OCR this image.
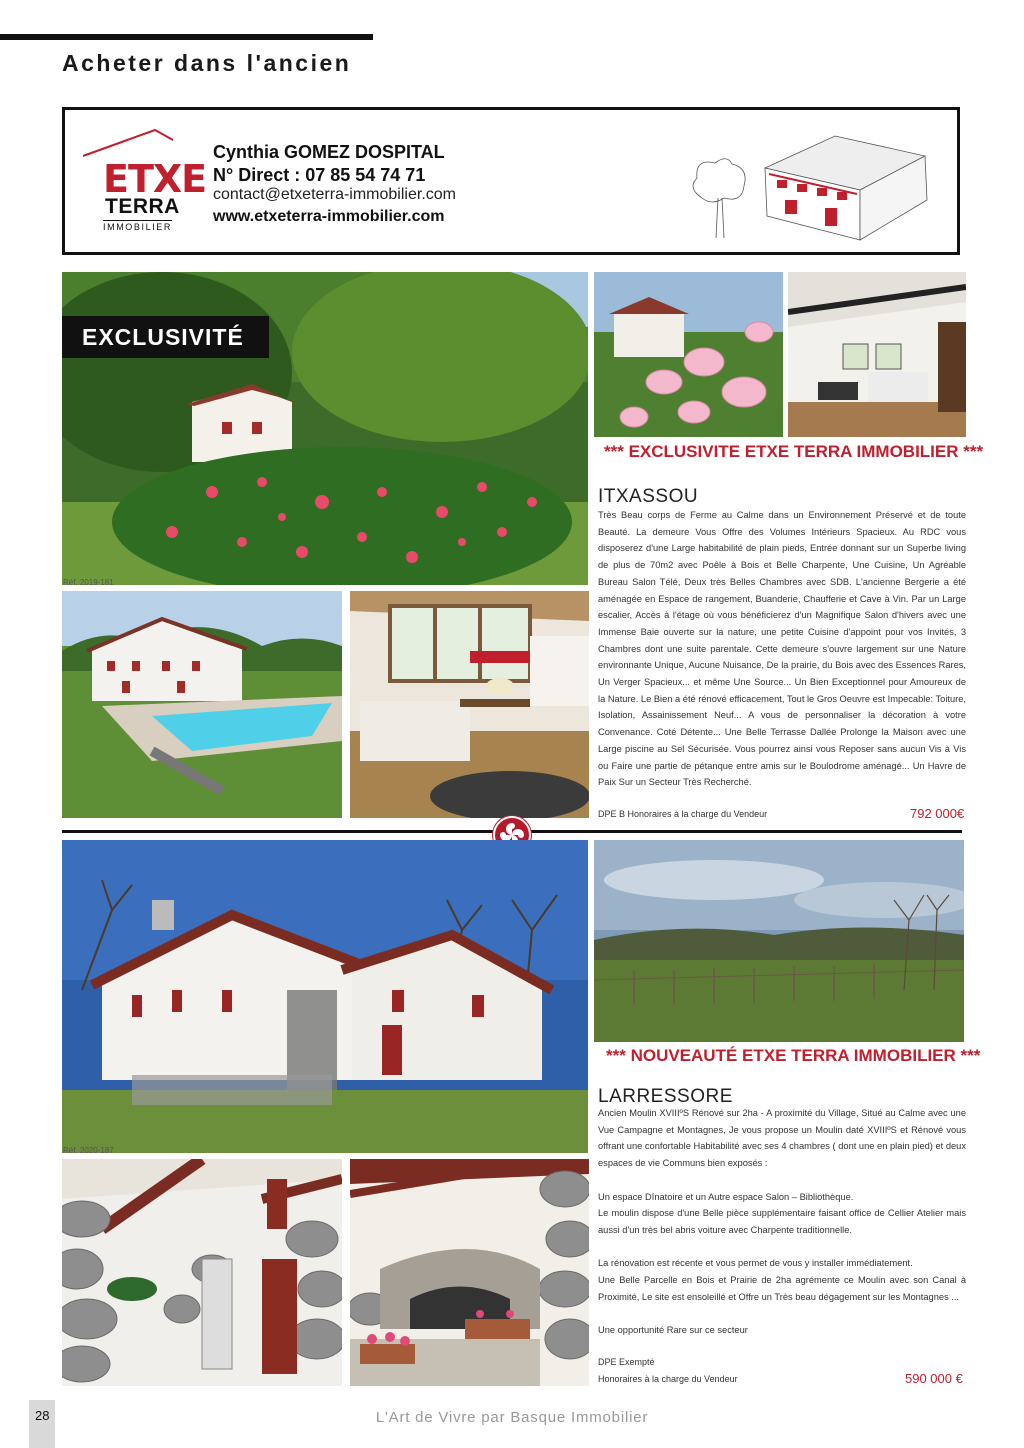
Acheter dans l'ancien
ETXE
TERRA
IMMOBILIER
Cynthia GOMEZ DOSPITAL
N° Direct : 07 85 54 74 71
contact@etxeterra-immobilier.com
www.etxeterra-immobilier.com
EXCLUSIVITÉ
Réf. 2019-181
*** EXCLUSIVITE ETXE TERRA IMMOBILIER ***
ITXASSOU
Très Beau corps de Ferme au Calme dans un Environnement Préservé et de toute Beauté. La demeure Vous Offre des Volumes Intérieurs Spacieux. Au RDC vous disposerez d'une Large habitabilité de plain pieds, Entrée donnant sur un Superbe living de plus de 70m2 avec Poêle à Bois et Belle Charpente, Une Cuisine, Un Agréable Bureau Salon Télé, Deux très Belles Chambres avec SDB. L'ancienne Bergerie a été aménagée en Espace de rangement, Buanderie, Chaufferie et Cave à Vin. Par un Large escalier, Accès à l'étage où vous bénéficierez d'un Magnifique Salon d'hivers avec une Immense Baie ouverte sur la nature, une petite Cuisine d'appoint pour vos Invités, 3 Chambres dont une suite parentale. Cette demeure s'ouvre largement sur une Nature environnante Unique, Aucune Nuisance, De la prairie, du Bois avec des Essences Rares, Un Verger Spacieux... et même Une Source... Un Bien Exceptionnel pour Amoureux de la Nature. Le Bien a été rénové efficacement, Tout le Gros Oeuvre est Impecable: Toiture, Isolation, Assainissement Neuf... A vous de personnaliser la décoration à votre Convenance. Coté Détente... Une Belle Terrasse Dallée Prolonge la Maison avec une Large piscine au Sel Sécurisée. Vous pourrez ainsi vous Reposer sans aucun Vis à Vis ou Faire une partie de pétanque entre amis sur le Boulodrome aménagé... Un Havre de Paix Sur un Secteur Très Recherché.
DPE B Honoraires à la charge du Vendeur	792 000€
Réf. 2020-187
*** NOUVEAUTÉ ETXE TERRA IMMOBILIER ***
LARRESSORE

Ancien Moulin XVIIIºS Rénové sur 2ha - A proximité du Village, Situé au Calme avec une Vue Campagne et Montagnes, Je vous propose un Moulin daté XVIIIºS et Rénové vous offrant une confortable Habitabilité avec ses 4 chambres ( dont une en plain pied) et deux espaces de vie Communs bien exposés :

Un espace Dînatoire et un Autre espace Salon – Bibliothèque.

Le moulin dispose d'une Belle pièce supplémentaire faisant office de Cellier Atelier mais aussi d'un très bel abris voiture avec Charpente traditionnelle.

La rénovation est récente et vous permet de vous y installer immédiatement.

Une Belle Parcelle en Bois et Prairie de 2ha agrémente ce Moulin avec son Canal à Proximité, Le site est ensoleillé et Offre un Très beau dégagement sur les Montagnes ...

Une opportunité Rare sur ce secteur

DPE Exempté
Honoraires à la charge du Vendeur	590 000 €
28	L'Art de Vivre par Basque Immobilier
